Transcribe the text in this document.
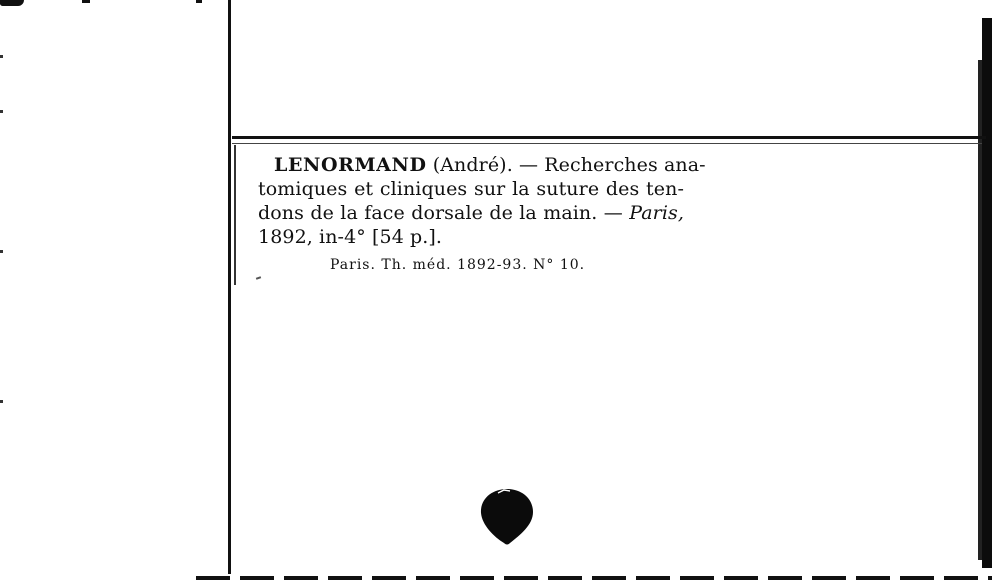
LENORMAND (André). — Recherches ana-
tomiques et cliniques sur la suture des ten-
dons de la face dorsale de la main. — Paris,
1892, in-4° [54 p.].
Paris. Th. méd. 1892-93. N° 10.
